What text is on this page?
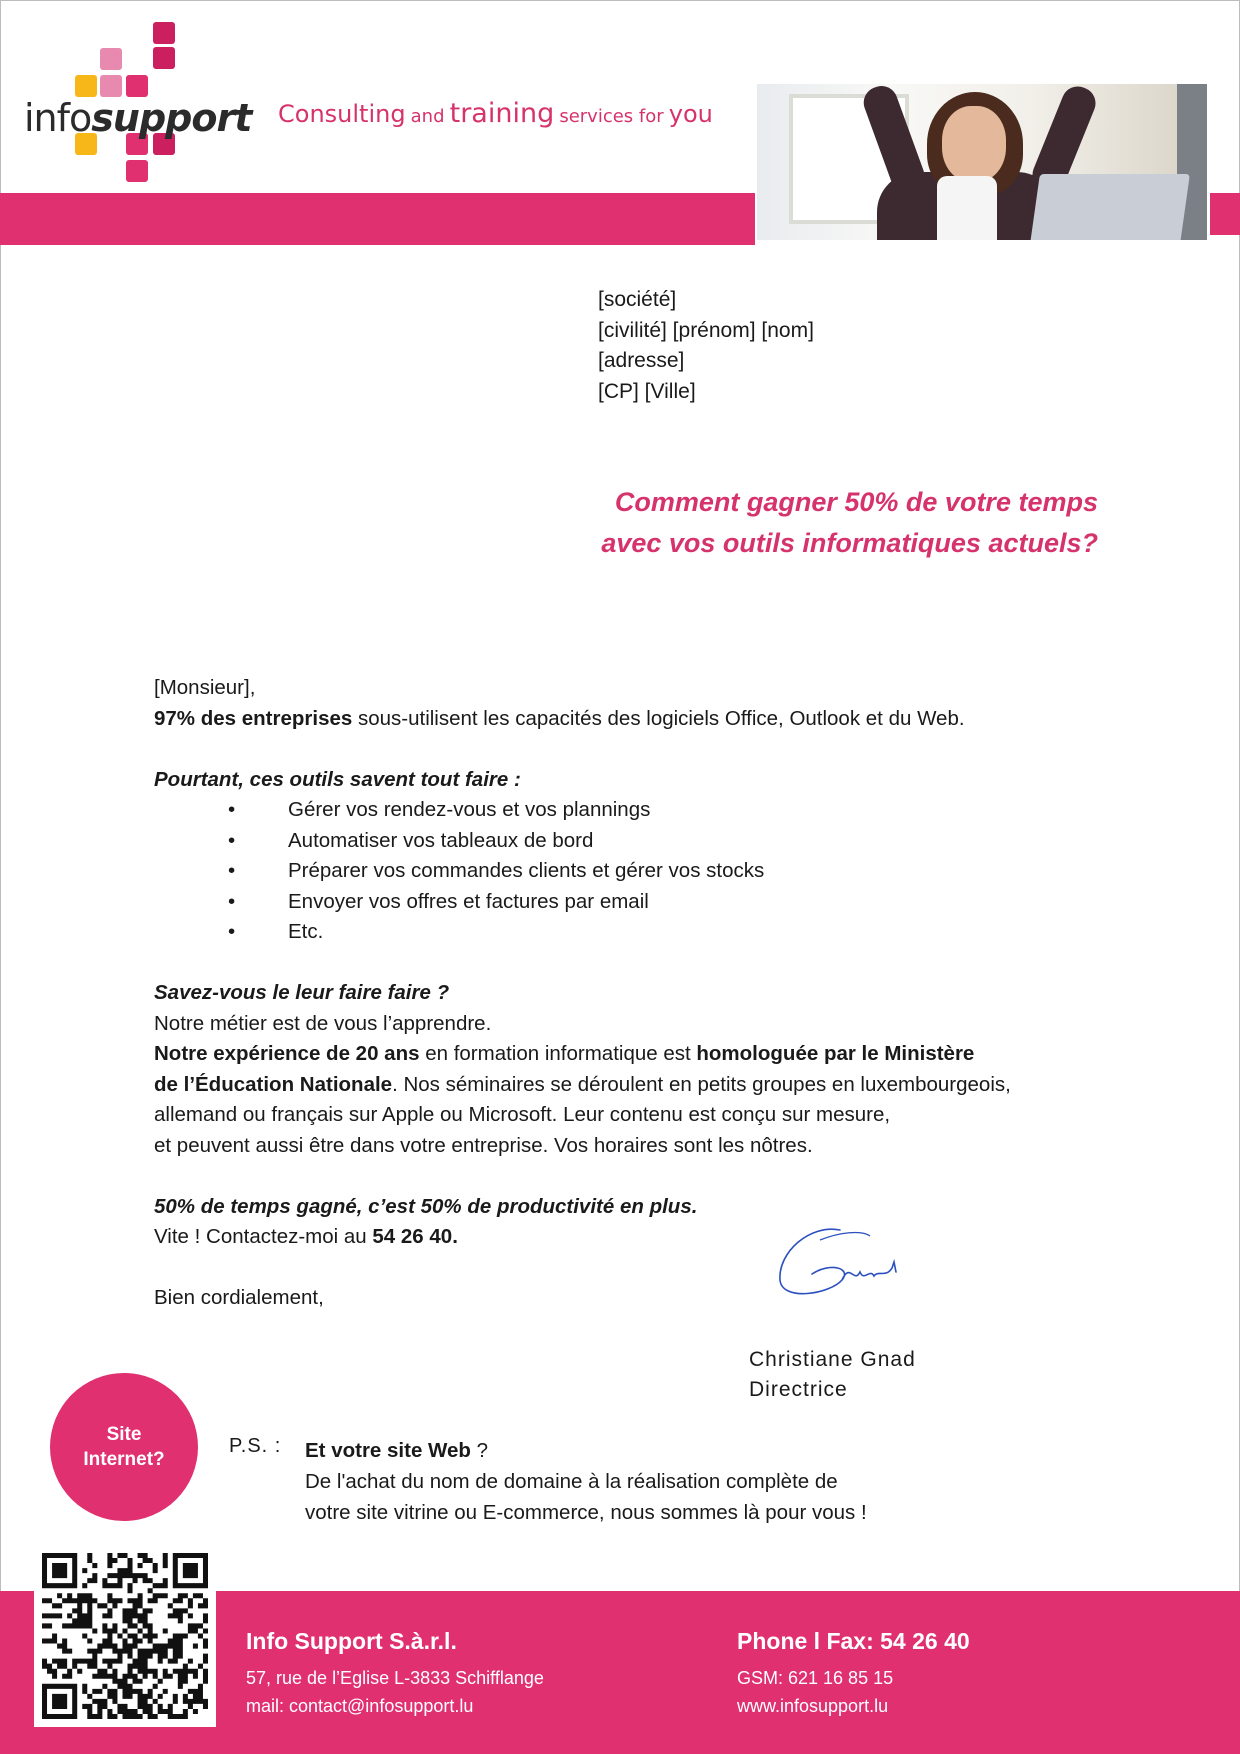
infosupport Consulting and training services for you
[société]
[civilité] [prénom] [nom]
[adresse]
[CP] [Ville]
Comment gagner 50% de votre temps
avec vos outils informatiques actuels?

[Monsieur],

97% des entreprises sous-utilisent les capacités des logiciels Office, Outlook et du Web.

Pourtant, ces outils savent tout faire :

• Gérer vos rendez-vous et vos plannings

• Automatiser vos tableaux de bord

• Préparer vos commandes clients et gérer vos stocks

• Envoyer vos offres et factures par email

• Etc.

Savez-vous le leur faire faire ?

Notre métier est de vous l’apprendre.

Notre expérience de 20 ans en formation informatique est homologuée par le Ministère

de l’Éducation Nationale. Nos séminaires se déroulent en petits groupes en luxembourgeois,

allemand ou français sur Apple ou Microsoft. Leur contenu est conçu sur mesure,

et peuvent aussi être dans votre entreprise. Vos horaires sont les nôtres.

50% de temps gagné, c’est 50% de productivité en plus.

Vite ! Contactez-moi au 54 26 40.

Bien cordialement,

Christiane Gnad
Directrice
Site
Internet?
P.S. : Et votre site Web ?

De l'achat du nom de domaine à la réalisation complète de

votre site vitrine ou E-commerce, nous sommes là pour vous !

Info Support S.à.r.l.
57, rue de l’Eglise L-3833 Schifflange
mail: contact@infosupport.lu
Phone l Fax: 54 26 40
GSM: 621 16 85 15
www.infosupport.lu
